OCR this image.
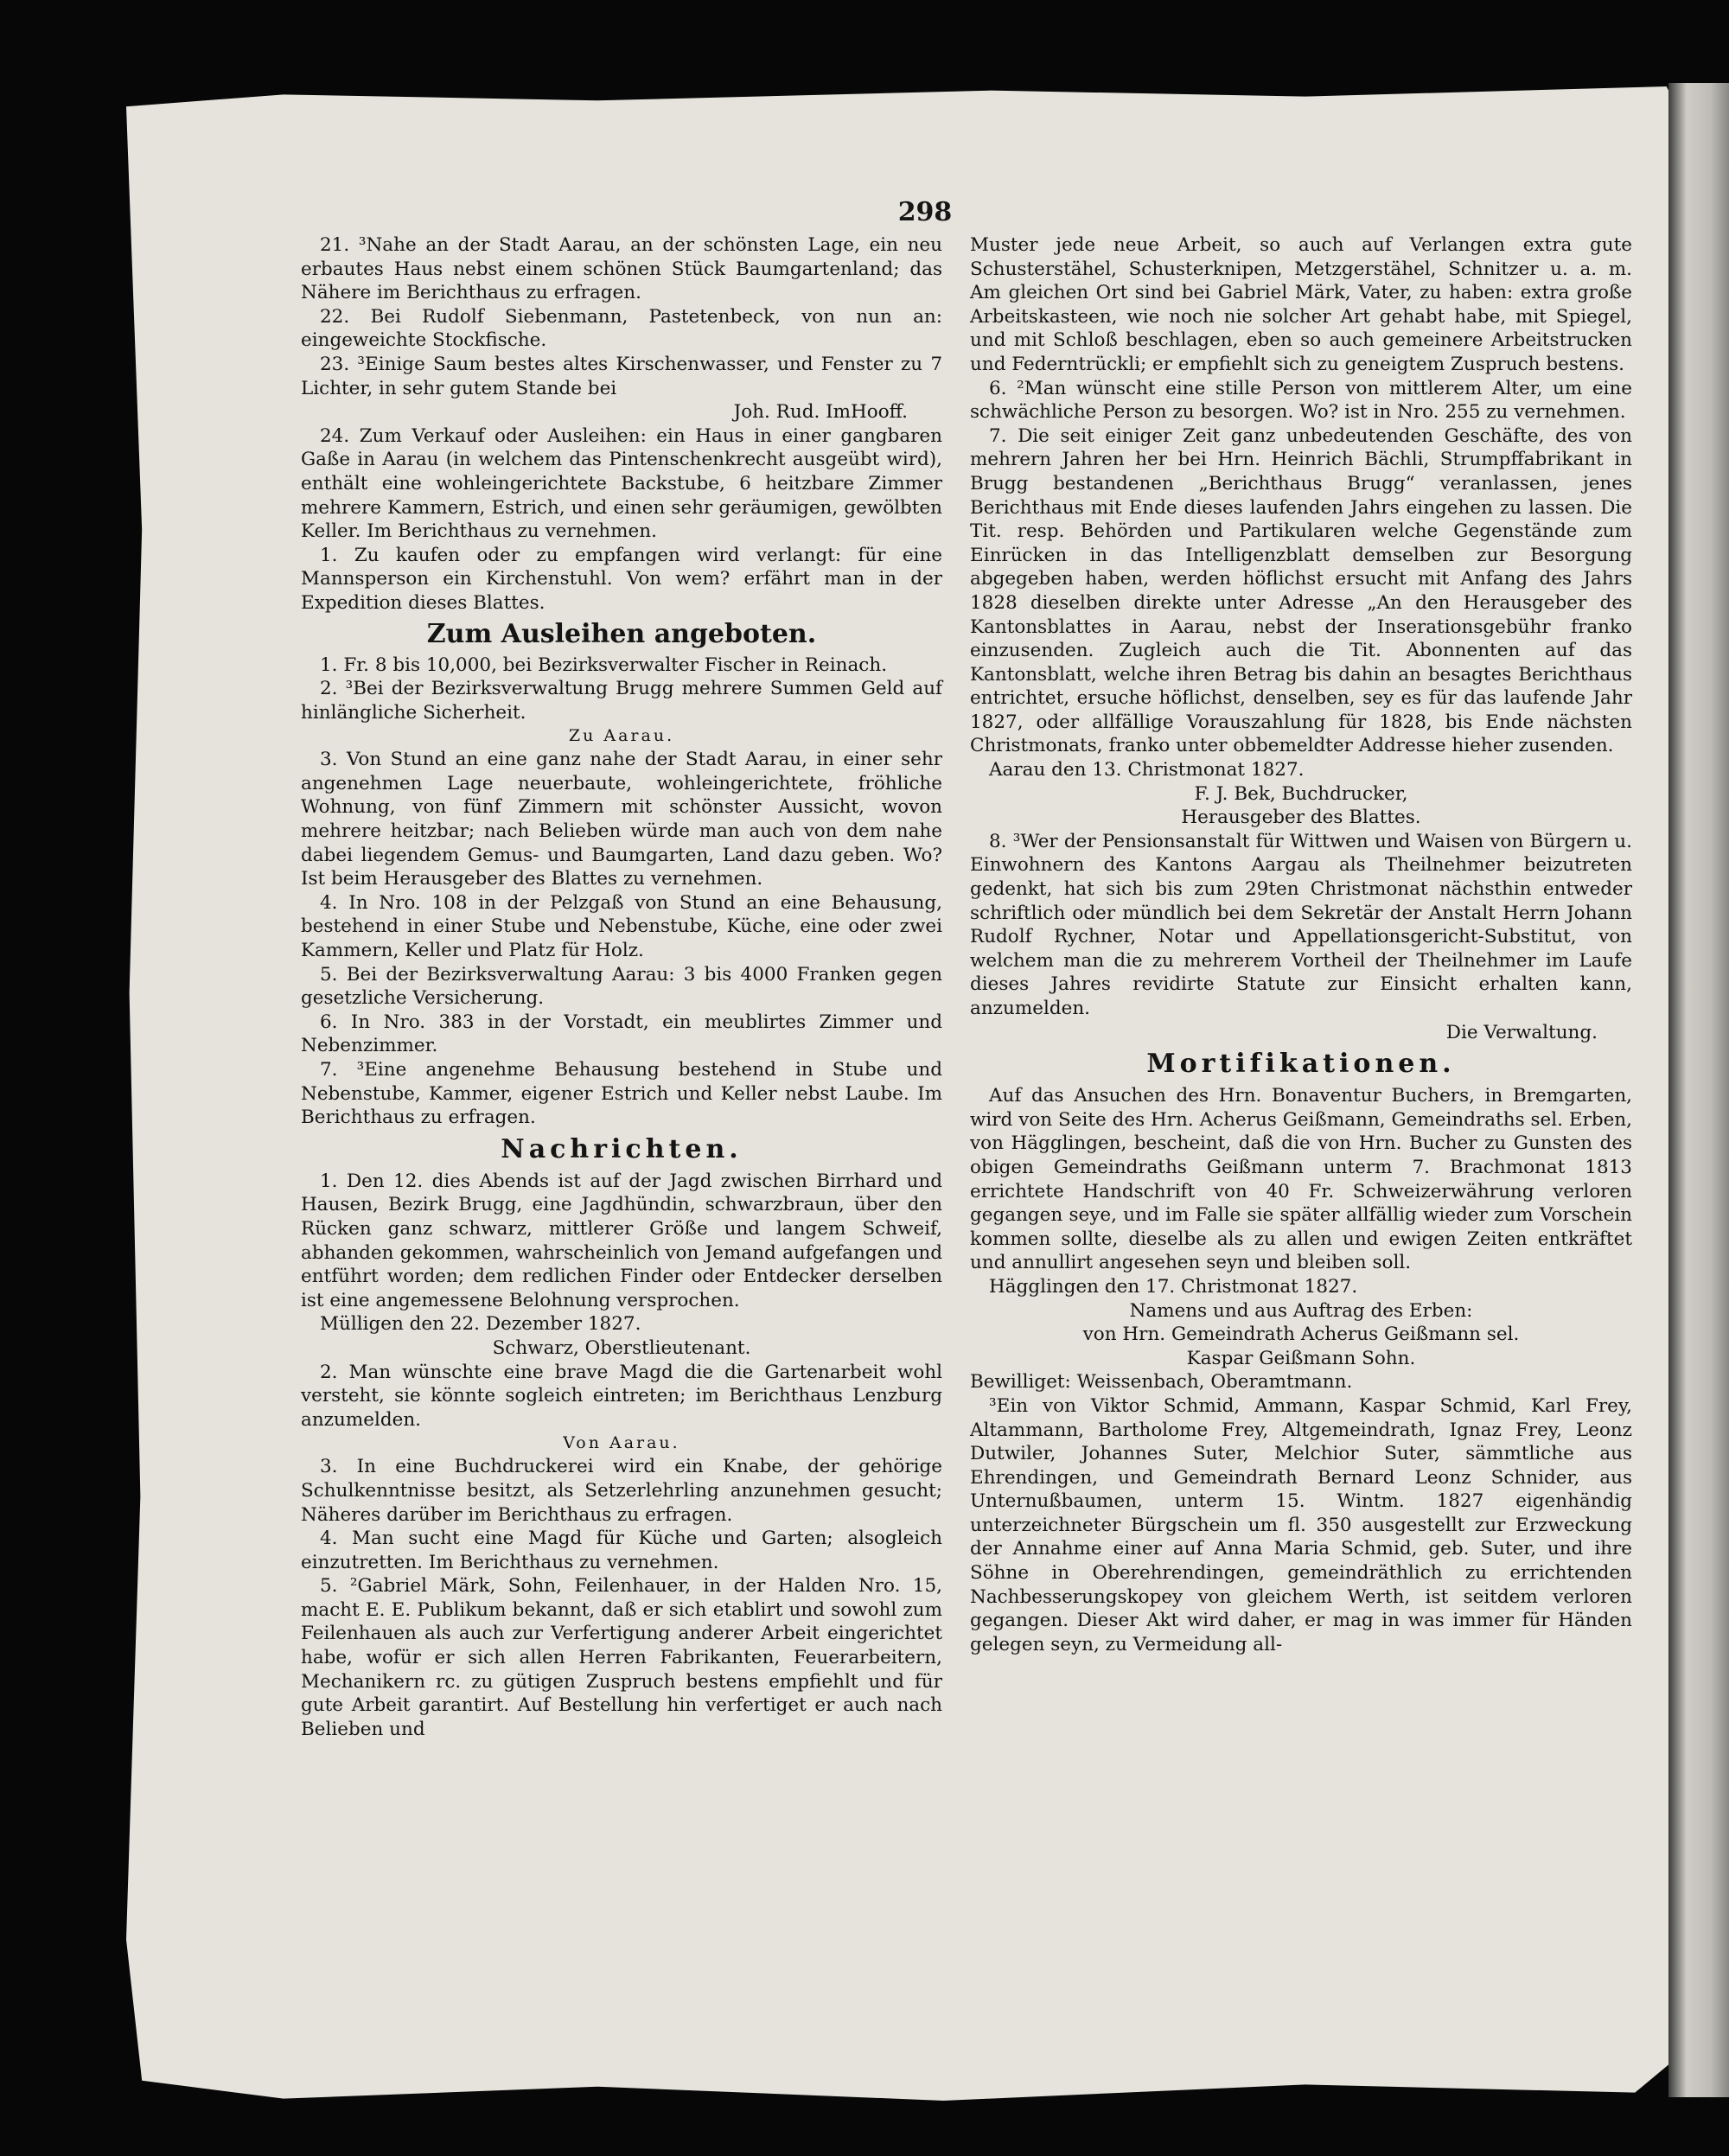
298

21. ³Nahe an der Stadt Aarau, an der schönsten Lage, ein neu erbautes Haus nebst einem schönen Stück Baumgartenland; das Nähere im Berichthaus zu erfragen.

22. Bei Rudolf Siebenmann, Pastetenbeck, von nun an: eingeweichte Stockfische.

23. ³Einige Saum bestes altes Kirschenwasser, und Fenster zu 7 Lichter, in sehr gutem Stande bei

Joh. Rud. ImHooff.

24. Zum Verkauf oder Ausleihen: ein Haus in einer gangbaren Gaße in Aarau (in welchem das Pintenschenkrecht ausgeübt wird), enthält eine wohleingerichtete Backstube, 6 heitzbare Zimmer mehrere Kammern, Estrich, und einen sehr geräumigen, gewölbten Keller. Im Berichthaus zu vernehmen.

1. Zu kaufen oder zu empfangen wird verlangt: für eine Mannsperson ein Kirchenstuhl. Von wem? erfährt man in der Expedition dieses Blattes.

Zum Ausleihen angeboten.

1. Fr. 8 bis 10,000, bei Bezirksverwalter Fischer in Reinach.

2. ³Bei der Bezirksverwaltung Brugg mehrere Summen Geld auf hinlängliche Sicherheit.

Zu Aarau.

3. Von Stund an eine ganz nahe der Stadt Aarau, in einer sehr angenehmen Lage neuerbaute, wohleingerichtete, fröhliche Wohnung, von fünf Zimmern mit schönster Aussicht, wovon mehrere heitzbar; nach Belieben würde man auch von dem nahe dabei liegendem Gemus- und Baumgarten, Land dazu geben. Wo? Ist beim Herausgeber des Blattes zu vernehmen.

4. In Nro. 108 in der Pelzgaß von Stund an eine Behausung, bestehend in einer Stube und Nebenstube, Küche, eine oder zwei Kammern, Keller und Platz für Holz.

5. Bei der Bezirksverwaltung Aarau: 3 bis 4000 Franken gegen gesetzliche Versicherung.

6. In Nro. 383 in der Vorstadt, ein meublirtes Zimmer und Nebenzimmer.

7. ³Eine angenehme Behausung bestehend in Stube und Nebenstube, Kammer, eigener Estrich und Keller nebst Laube. Im Berichthaus zu erfragen.

Nachrichten.

1. Den 12. dies Abends ist auf der Jagd zwischen Birrhard und Hausen, Bezirk Brugg, eine Jagdhündin, schwarzbraun, über den Rücken ganz schwarz, mittlerer Größe und langem Schweif, abhanden gekommen, wahrscheinlich von Jemand aufgefangen und entführt worden; dem redlichen Finder oder Entdecker derselben ist eine angemessene Belohnung versprochen.

Mülligen den 22. Dezember 1827.

Schwarz, Oberstlieutenant.

2. Man wünschte eine brave Magd die die Gartenarbeit wohl versteht, sie könnte sogleich eintreten; im Berichthaus Lenzburg anzumelden.

Von Aarau.

3. In eine Buchdruckerei wird ein Knabe, der gehörige Schulkenntnisse besitzt, als Setzerlehrling anzunehmen gesucht; Näheres darüber im Berichthaus zu erfragen.

4. Man sucht eine Magd für Küche und Garten; alsogleich einzutretten. Im Berichthaus zu vernehmen.

5. ²Gabriel Märk, Sohn, Feilenhauer, in der Halden Nro. 15, macht E. E. Publikum bekannt, daß er sich etablirt und sowohl zum Feilenhauen als auch zur Verfertigung anderer Arbeit eingerichtet habe, wofür er sich allen Herren Fabrikanten, Feuerarbeitern, Mechanikern rc. zu gütigen Zuspruch bestens empfiehlt und für gute Arbeit garantirt. Auf Bestellung hin verfertiget er auch nach Belieben und

Muster jede neue Arbeit, so auch auf Verlangen extra gute Schusterstähel, Schusterknipen, Metzgerstähel, Schnitzer u. a. m. Am gleichen Ort sind bei Gabriel Märk, Vater, zu haben: extra große Arbeitskasteen, wie noch nie solcher Art gehabt habe, mit Spiegel, und mit Schloß beschlagen, eben so auch gemeinere Arbeitstrucken und Federntrückli; er empfiehlt sich zu geneigtem Zuspruch bestens.

6. ²Man wünscht eine stille Person von mittlerem Alter, um eine schwächliche Person zu besorgen. Wo? ist in Nro. 255 zu vernehmen.

7. Die seit einiger Zeit ganz unbedeutenden Geschäfte, des von mehrern Jahren her bei Hrn. Heinrich Bächli, Strumpffabrikant in Brugg bestandenen „Berichthaus Brugg“ veranlassen, jenes Berichthaus mit Ende dieses laufenden Jahrs eingehen zu lassen. Die Tit. resp. Behörden und Partikularen welche Gegenstände zum Einrücken in das Intelligenzblatt demselben zur Besorgung abgegeben haben, werden höflichst ersucht mit Anfang des Jahrs 1828 dieselben direkte unter Adresse „An den Herausgeber des Kantonsblattes in Aarau, nebst der Inserationsgebühr franko einzusenden. Zugleich auch die Tit. Abonnenten auf das Kantonsblatt, welche ihren Betrag bis dahin an besagtes Berichthaus entrichtet, ersuche höflichst, denselben, sey es für das laufende Jahr 1827, oder allfällige Vorauszahlung für 1828, bis Ende nächsten Christmonats, franko unter obbemeldter Addresse hieher zusenden.

Aarau den 13. Christmonat 1827.

F. J. Bek, Buchdrucker,

Herausgeber des Blattes.

8. ³Wer der Pensionsanstalt für Wittwen und Waisen von Bürgern u. Einwohnern des Kantons Aargau als Theilnehmer beizutreten gedenkt, hat sich bis zum 29ten Christmonat nächsthin entweder schriftlich oder mündlich bei dem Sekretär der Anstalt Herrn Johann Rudolf Rychner, Notar und Appellationsgericht-Substitut, von welchem man die zu mehrerem Vortheil der Theilnehmer im Laufe dieses Jahres revidirte Statute zur Einsicht erhalten kann, anzumelden.

Die Verwaltung.

Mortifikationen.

Auf das Ansuchen des Hrn. Bonaventur Buchers, in Bremgarten, wird von Seite des Hrn. Acherus Geißmann, Gemeindraths sel. Erben, von Hägglingen, bescheint, daß die von Hrn. Bucher zu Gunsten des obigen Gemeindraths Geißmann unterm 7. Brachmonat 1813 errichtete Handschrift von 40 Fr. Schweizerwährung verloren gegangen seye, und im Falle sie später allfällig wieder zum Vorschein kommen sollte, dieselbe als zu allen und ewigen Zeiten entkräftet und annullirt angesehen seyn und bleiben soll.

Hägglingen den 17. Christmonat 1827.

Namens und aus Auftrag des Erben:

von Hrn. Gemeindrath Acherus Geißmann sel.

Kaspar Geißmann Sohn.

Bewilliget: Weissenbach, Oberamtmann.

³Ein von Viktor Schmid, Ammann, Kaspar Schmid, Karl Frey, Altammann, Bartholome Frey, Altgemeindrath, Ignaz Frey, Leonz Dutwiler, Johannes Suter, Melchior Suter, sämmtliche aus Ehrendingen, und Gemeindrath Bernard Leonz Schnider, aus Unternußbaumen, unterm 15. Wintm. 1827 eigenhändig unterzeichneter Bürgschein um fl. 350 ausgestellt zur Erzweckung der Annahme einer auf Anna Maria Schmid, geb. Suter, und ihre Söhne in Oberehrendingen, gemeindräthlich zu errichtenden Nachbesserungskopey von gleichem Werth, ist seitdem verloren gegangen. Dieser Akt wird daher, er mag in was immer für Händen gelegen seyn, zu Vermeidung all-
